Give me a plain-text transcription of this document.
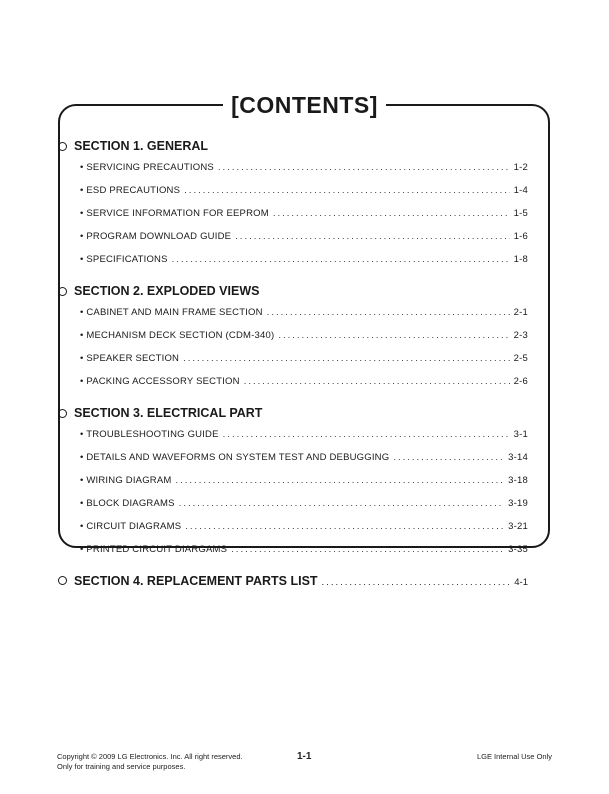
[CONTENTS]
SECTION 1. GENERAL
• SERVICING PRECAUTIONS .....	1-2
• ESD PRECAUTIONS .....	1-4
• SERVICE INFORMATION FOR EEPROM .....	1-5
• PROGRAM DOWNLOAD GUIDE .....	1-6
• SPECIFICATIONS .....	1-8
SECTION 2. EXPLODED VIEWS
• CABINET AND MAIN FRAME SECTION .....	2-1
• MECHANISM DECK SECTION (CDM-340) .....	2-3
• SPEAKER SECTION .....	2-5
• PACKING ACCESSORY SECTION .....	2-6
SECTION 3. ELECTRICAL PART
• TROUBLESHOOTING GUIDE .....	3-1
• DETAILS AND WAVEFORMS ON SYSTEM TEST AND DEBUGGING .....	3-14
• WIRING DIAGRAM .....	3-18
• BLOCK DIAGRAMS .....	3-19
• CIRCUIT DIAGRAMS .....	3-21
• PRINTED CIRCUIT DIARGAMS .....	3-35
SECTION 4. REPLACEMENT PARTS LIST .....	4-1
Copyright © 2009 LG Electronics. Inc. All right reserved.
Only for training and service purposes.
1-1	LGE Internal Use Only
